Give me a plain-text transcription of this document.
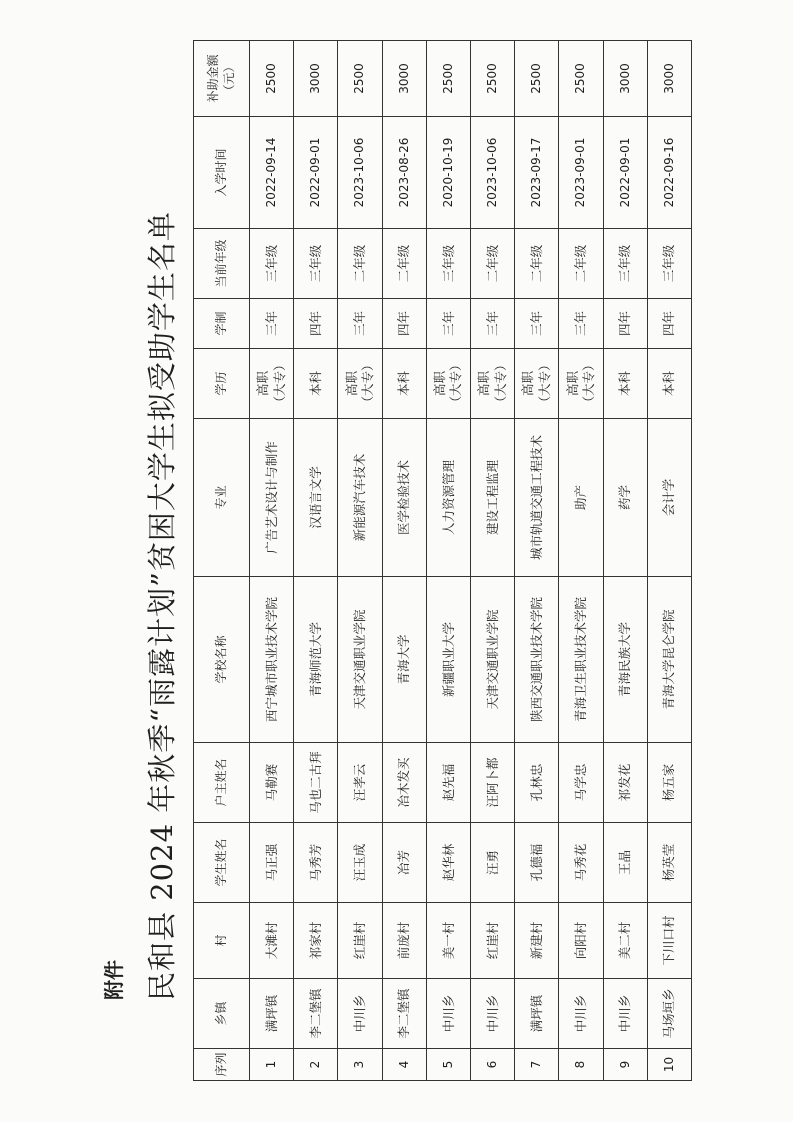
附件 民和县 2024 年秋季“雨露计划”贫困大学生拟受助学生名单
序列	乡镇	村	学生姓名	户主姓名	学校名称	专业	学历	学制	当前年级	入学时间	补助金额 （元）

1	满坪镇	大滩村	马正强	马勒赛	西宁城市职业技术学院	广告艺术设计与制作	高职 （大专）	三年	三年级	2022-09-14	2500
2	李二堡镇	祁家村	马秀芳	马也二古拜	青海师范大学	汉语言文学	本科	四年	三年级	2022-09-01	3000
3	中川乡	红崖村	汪玉成	汪孝云	天津交通职业学院	新能源汽车技术	高职 （大专）	三年	二年级	2023-10-06	2500
4	李二堡镇	前庞村	冶芳	冶木发买	青海大学	医学检验技术	本科	四年	二年级	2023-08-26	3000
5	中川乡	美一村	赵华林	赵先福	新疆职业大学	人力资源管理	高职 （大专）	三年	三年级	2020-10-19	2500
6	中川乡	红崖村	汪勇	汪阿卜都	天津交通职业学院	建设工程监理	高职 （大专）	三年	二年级	2023-10-06	2500
7	满坪镇	新建村	孔德福	孔林忠	陕西交通职业技术学院	城市轨道交通工程技术	高职 （大专）	三年	二年级	2023-09-17	2500
8	中川乡	向阳村	马秀花	马学忠	青海卫生职业技术学院	助产	高职 （大专）	三年	二年级	2023-09-01	2500
9	中川乡	美二村	王晶	祁发花	青海民族大学	药学	本科	四年	三年级	2022-09-01	3000
10	马场垣乡	下川口村	杨英莹	杨五家	青海大学昆仑学院	会计学	本科	四年	三年级	2022-09-16	3000
